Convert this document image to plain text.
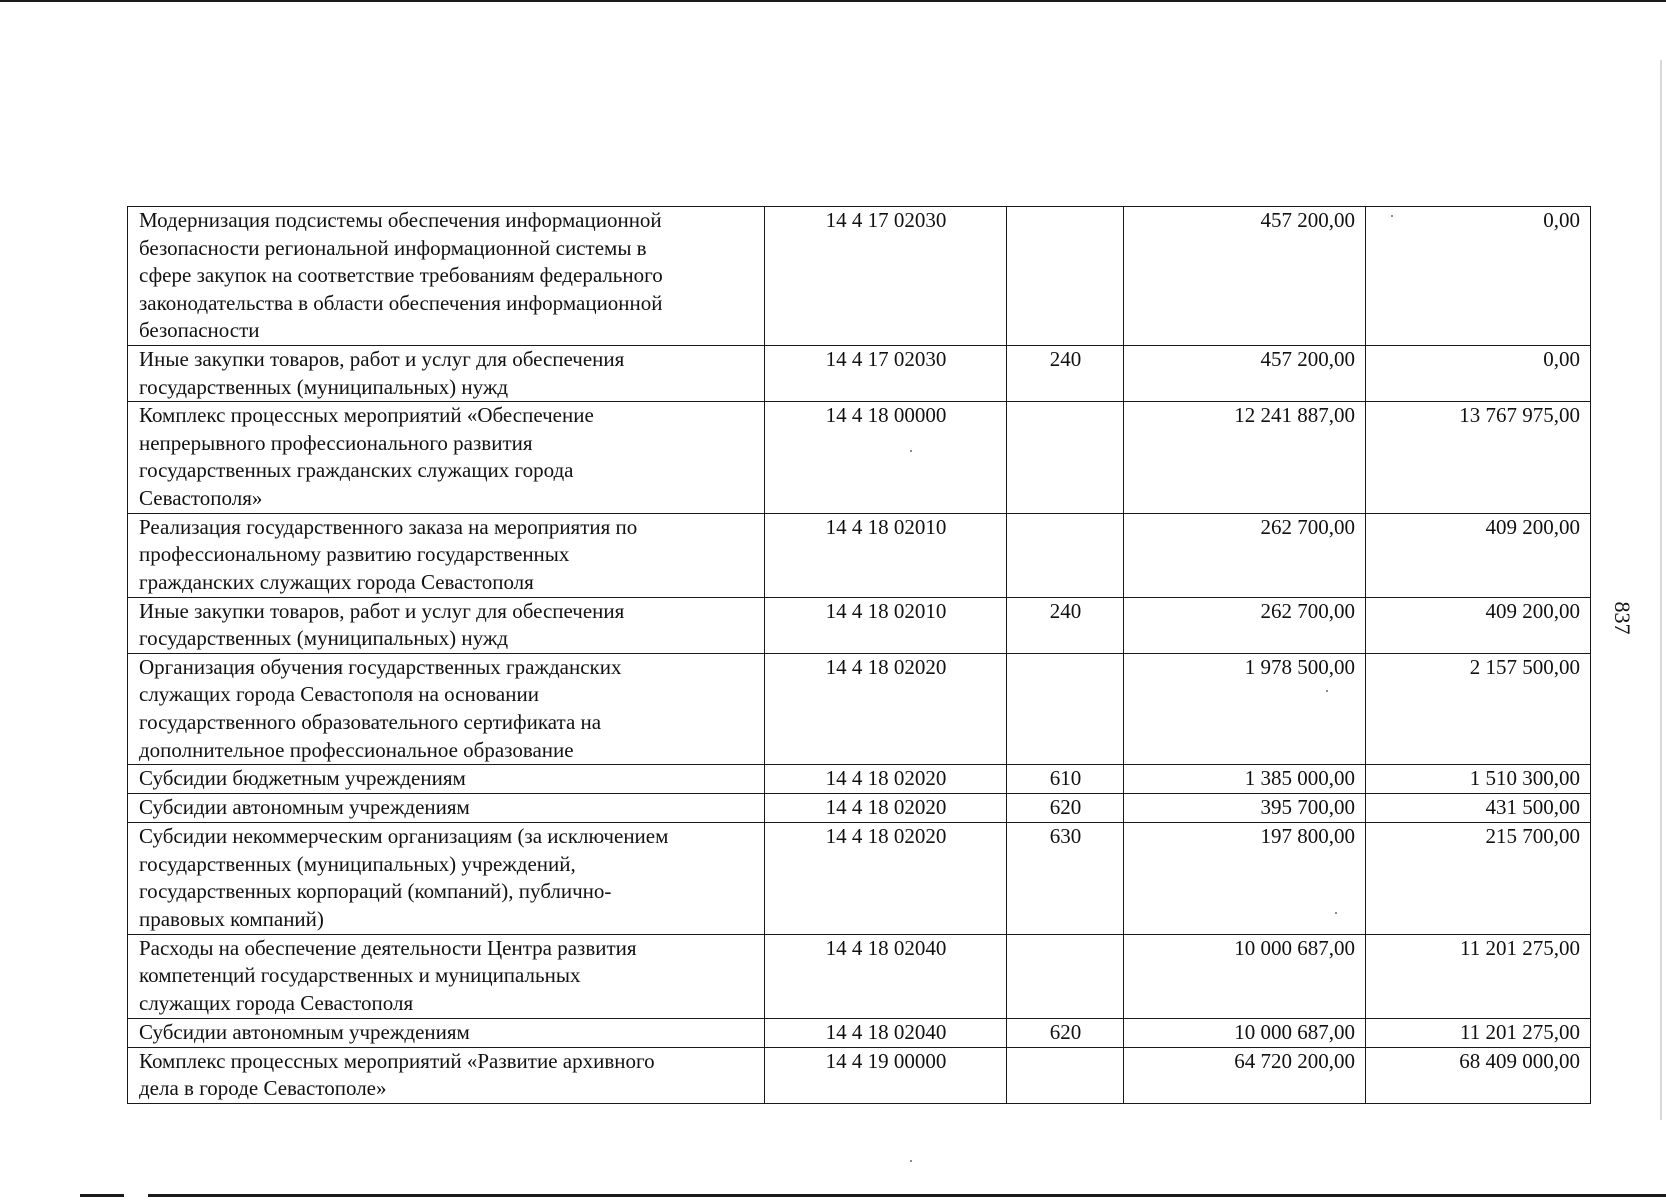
837
Модернизация подсистемы обеспечения информационной
безопасности региональной информационной системы в
сфере закупок на соответствие требованиям федерального
законодательства в области обеспечения информационной
безопасности	14 4 17 02030		457 200,00	0,00

Иные закупки товаров, работ и услуг для обеспечения
государственных (муниципальных) нужд	14 4 17 02030	240	457 200,00	0,00

Комплекс процессных мероприятий «Обеспечение
непрерывного профессионального развития
государственных гражданских служащих города
Севастополя»	14 4 18 00000		12 241 887,00	13 767 975,00

Реализация государственного заказа на мероприятия по
профессиональному развитию государственных
гражданских служащих города Севастополя	14 4 18 02010		262 700,00	409 200,00

Иные закупки товаров, работ и услуг для обеспечения
государственных (муниципальных) нужд	14 4 18 02010	240	262 700,00	409 200,00

Организация обучения государственных гражданских
служащих города Севастополя на основании
государственного образовательного сертификата на
дополнительное профессиональное образование	14 4 18 02020		1 978 500,00	2 157 500,00

Субсидии бюджетным учреждениям	14 4 18 02020	610	1 385 000,00	1 510 300,00

Субсидии автономным учреждениям	14 4 18 02020	620	395 700,00	431 500,00

Субсидии некоммерческим организациям (за исключением
государственных (муниципальных) учреждений,
государственных корпораций (компаний), публично-
правовых компаний)	14 4 18 02020	630	197 800,00	215 700,00

Расходы на обеспечение деятельности Центра развития
компетенций государственных и муниципальных
служащих города Севастополя	14 4 18 02040		10 000 687,00	11 201 275,00

Субсидии автономным учреждениям	14 4 18 02040	620	10 000 687,00	11 201 275,00

Комплекс процессных мероприятий «Развитие архивного
дела в городе Севастополе»	14 4 19 00000		64 720 200,00	68 409 000,00
